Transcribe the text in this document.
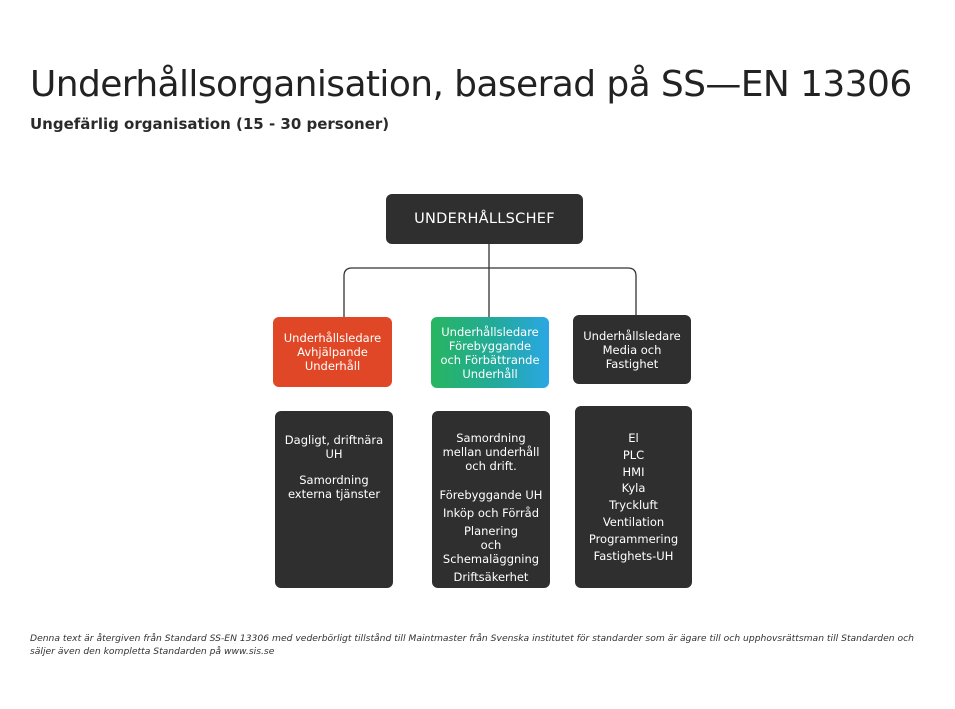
Underhållsorganisation, baserad på SS—EN 13306
Ungefärlig organisation (15 - 30 personer)
UNDERHÅLLSCHEF
Underhållsledare
Avhjälpande
Underhåll
Underhållsledare
Förebyggande
och Förbättrande
Underhåll
Underhållsledare
Media och Fastighet
Dagligt, driftnära
UH
Samordning
externa tjänster
Samordning
mellan underhåll
och drift.
Förebyggande UH
Inköp och Förråd
Planering
och
Schemaläggning
Driftsäkerhet
El
PLC
HMI
Kyla
Tryckluft
Ventilation
Programmering
Fastighets-UH
Denna text är återgiven från Standard SS-EN 13306 med vederbörligt tillstånd till Maintmaster från Svenska institutet för standarder som är ägare till och upphovsrättsman till Standarden och säljer även den kompletta Standarden på www.sis.se
